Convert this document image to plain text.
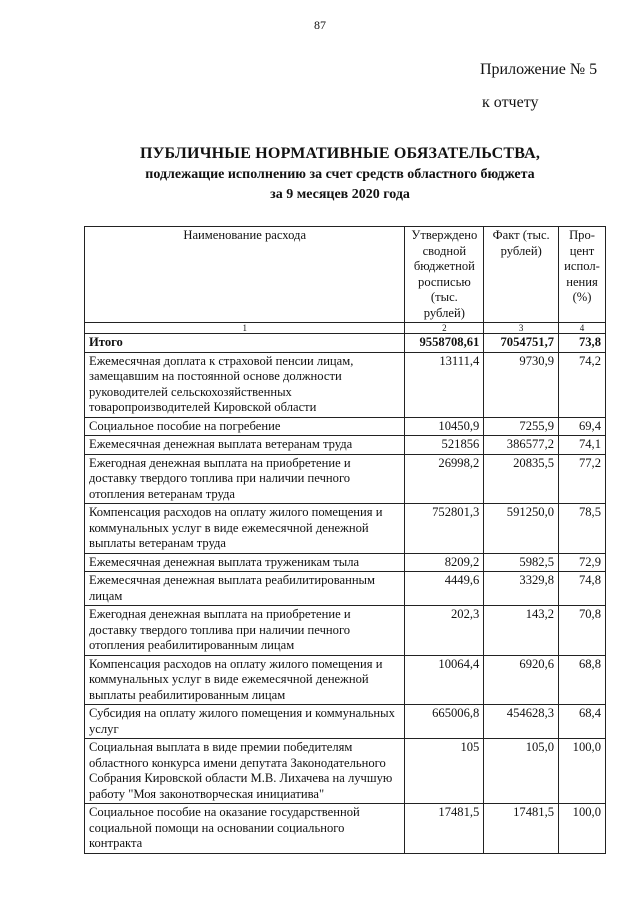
87
Приложение № 5
к отчету
ПУБЛИЧНЫЕ НОРМАТИВНЫЕ ОБЯЗАТЕЛЬСТВА,
подлежащие исполнению за счет средств областного бюджета
за 9 месяцев 2020 года
Наименование расхода	Утверждено сводной бюджетной росписью (тыс. рублей)	Факт (тыс. рублей)	Процент исполнения (%)
1	2	3	4
Итого	9558708,61	7054751,7	73,8
Ежемесячная доплата к страховой пенсии лицам, замещавшим на постоянной основе должности руководителей сельскохозяйственных товаропроизводителей Кировской области	13111,4	9730,9	74,2
Социальное пособие на погребение	10450,9	7255,9	69,4
Ежемесячная денежная выплата ветеранам труда	521856	386577,2	74,1
Ежегодная денежная выплата на приобретение и доставку твердого топлива при наличии печного отопления ветеранам труда	26998,2	20835,5	77,2
Компенсация расходов на оплату жилого помещения и коммунальных услуг в виде ежемесячной денежной выплаты ветеранам труда	752801,3	591250,0	78,5
Ежемесячная денежная выплата труженикам тыла	8209,2	5982,5	72,9
Ежемесячная денежная выплата реабилитированным лицам	4449,6	3329,8	74,8
Ежегодная денежная выплата на приобретение и доставку твердого топлива при наличии печного отопления реабилитированным лицам	202,3	143,2	70,8
Компенсация расходов на оплату жилого помещения и коммунальных услуг в виде ежемесячной денежной выплаты реабилитированным лицам	10064,4	6920,6	68,8
Субсидия на оплату жилого помещения и коммунальных услуг	665006,8	454628,3	68,4
Социальная выплата в виде премии победителям областного конкурса имени депутата Законодательного Собрания Кировской области М.В. Лихачева на лучшую работу "Моя законотворческая инициатива"	105	105,0	100,0
Социальное пособие на оказание государственной социальной помощи на основании социального контракта	17481,5	17481,5	100,0
